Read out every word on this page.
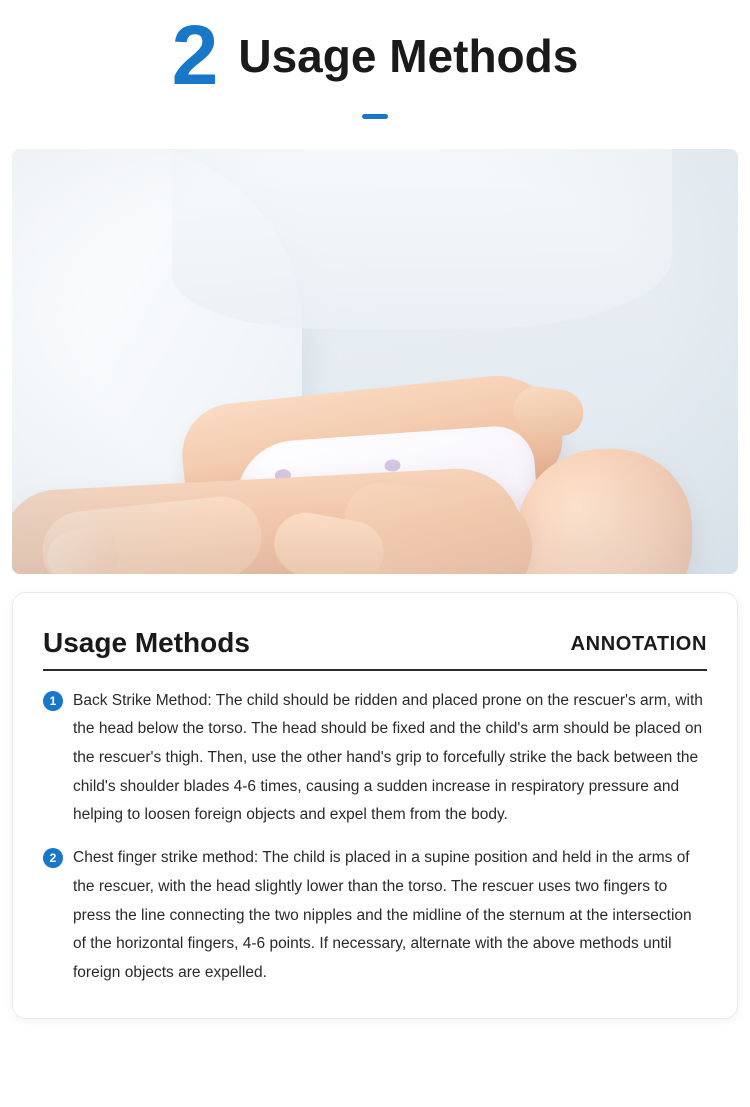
2 Usage Methods
Usage Methods	ANNOTATION
1	Back Strike Method: The child should be ridden and placed prone on the rescuer's arm, with the head below the torso. The head should be fixed and the child's arm should be placed on the rescuer's thigh. Then, use the other hand's grip to forcefully strike the back between the child's shoulder blades 4-6 times, causing a sudden increase in respiratory pressure and helping to loosen foreign objects and expel them from the body.
2	Chest finger strike method: The child is placed in a supine position and held in the arms of the rescuer, with the head slightly lower than the torso. The rescuer uses two fingers to press the line connecting the two nipples and the midline of the sternum at the intersection of the horizontal fingers, 4-6 points. If necessary, alternate with the above methods until foreign objects are expelled.
